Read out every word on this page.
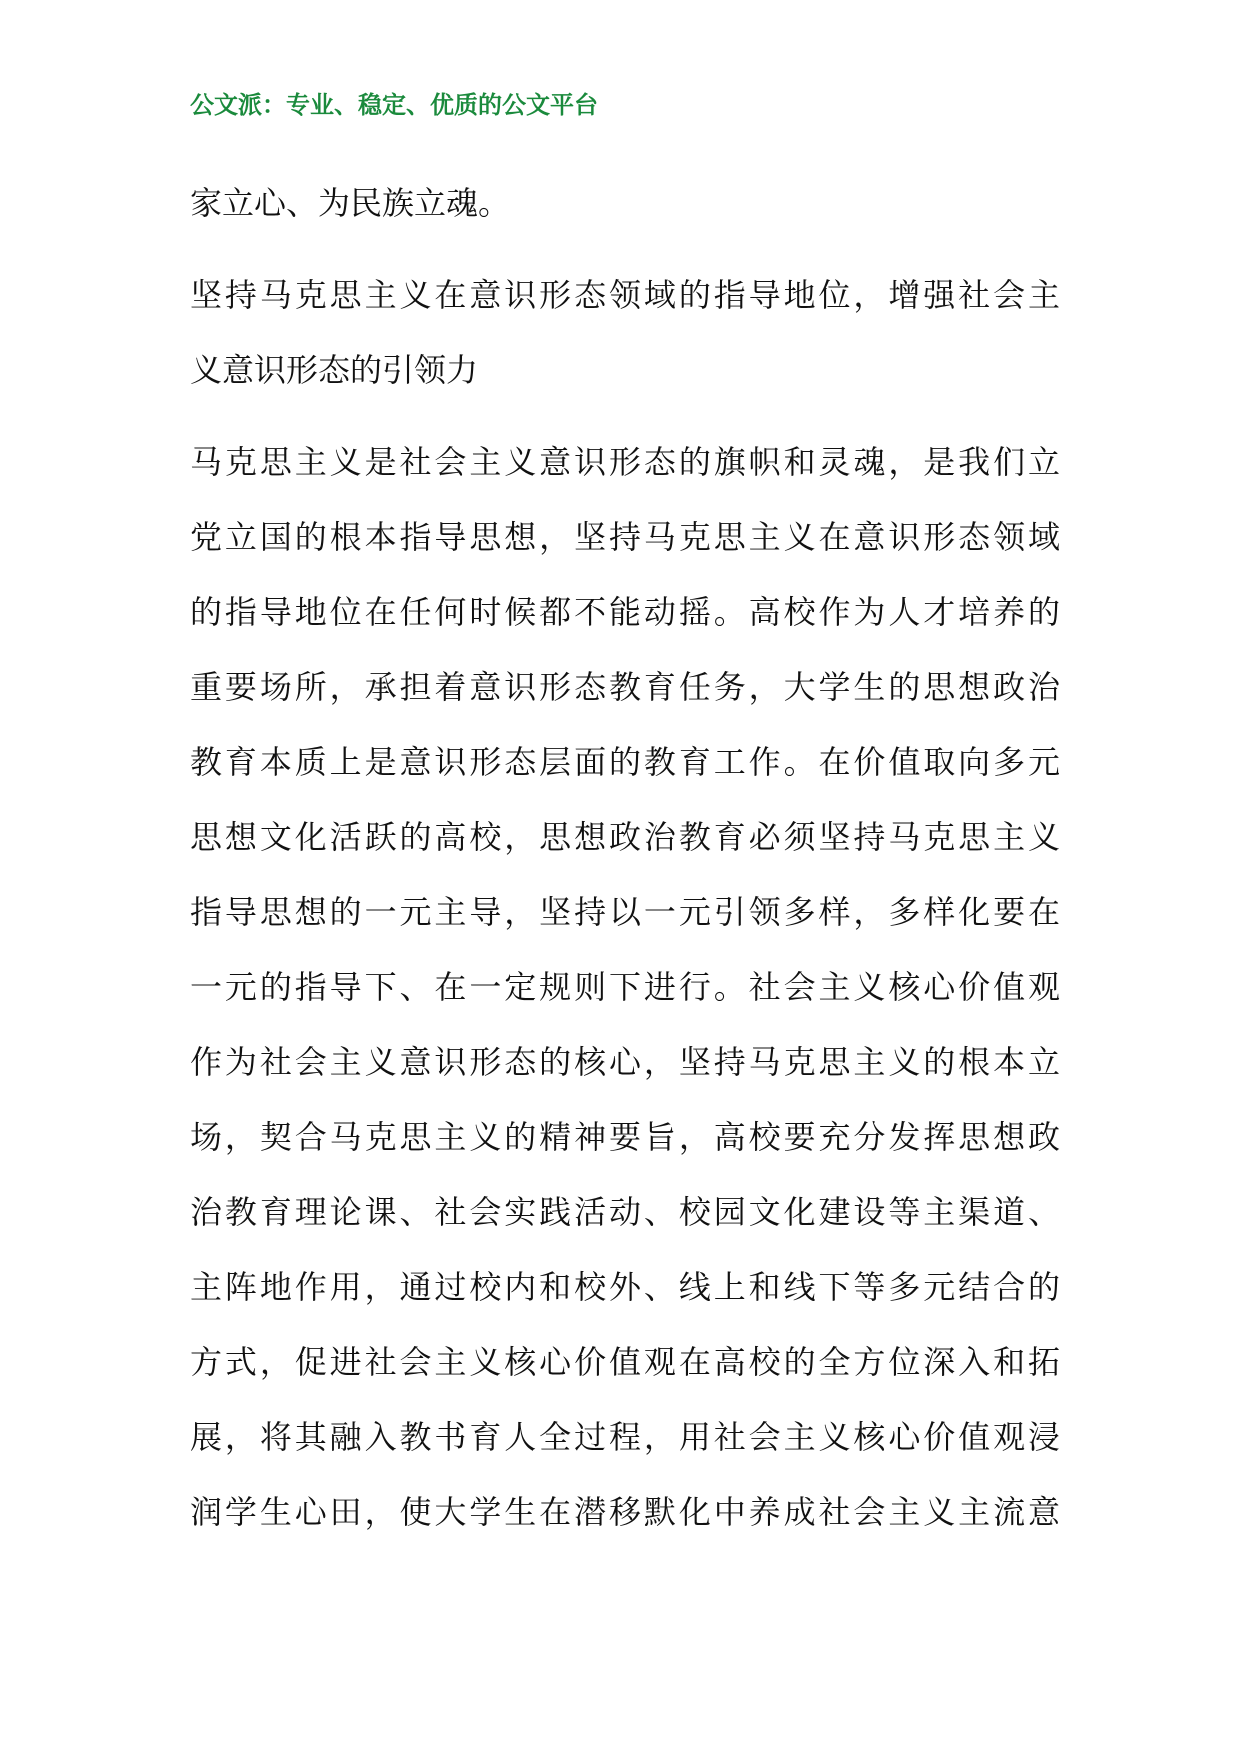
公文派：专业、稳定、优质的公文平台
家立心、为民族立魂。
坚持马克思主义在意识形态领域的指导地位，增强社会主
义意识形态的引领力
马克思主义是社会主义意识形态的旗帜和灵魂，是我们立
党立国的根本指导思想，坚持马克思主义在意识形态领域
的指导地位在任何时候都不能动摇。高校作为人才培养的
重要场所，承担着意识形态教育任务，大学生的思想政治
教育本质上是意识形态层面的教育工作。在价值取向多元
思想文化活跃的高校，思想政治教育必须坚持马克思主义
指导思想的一元主导，坚持以一元引领多样，多样化要在
一元的指导下、在一定规则下进行。社会主义核心价值观
作为社会主义意识形态的核心，坚持马克思主义的根本立
场，契合马克思主义的精神要旨，高校要充分发挥思想政
治教育理论课、社会实践活动、校园文化建设等主渠道、
主阵地作用，通过校内和校外、线上和线下等多元结合的
方式，促进社会主义核心价值观在高校的全方位深入和拓
展，将其融入教书育人全过程，用社会主义核心价值观浸
润学生心田，使大学生在潜移默化中养成社会主义主流意
